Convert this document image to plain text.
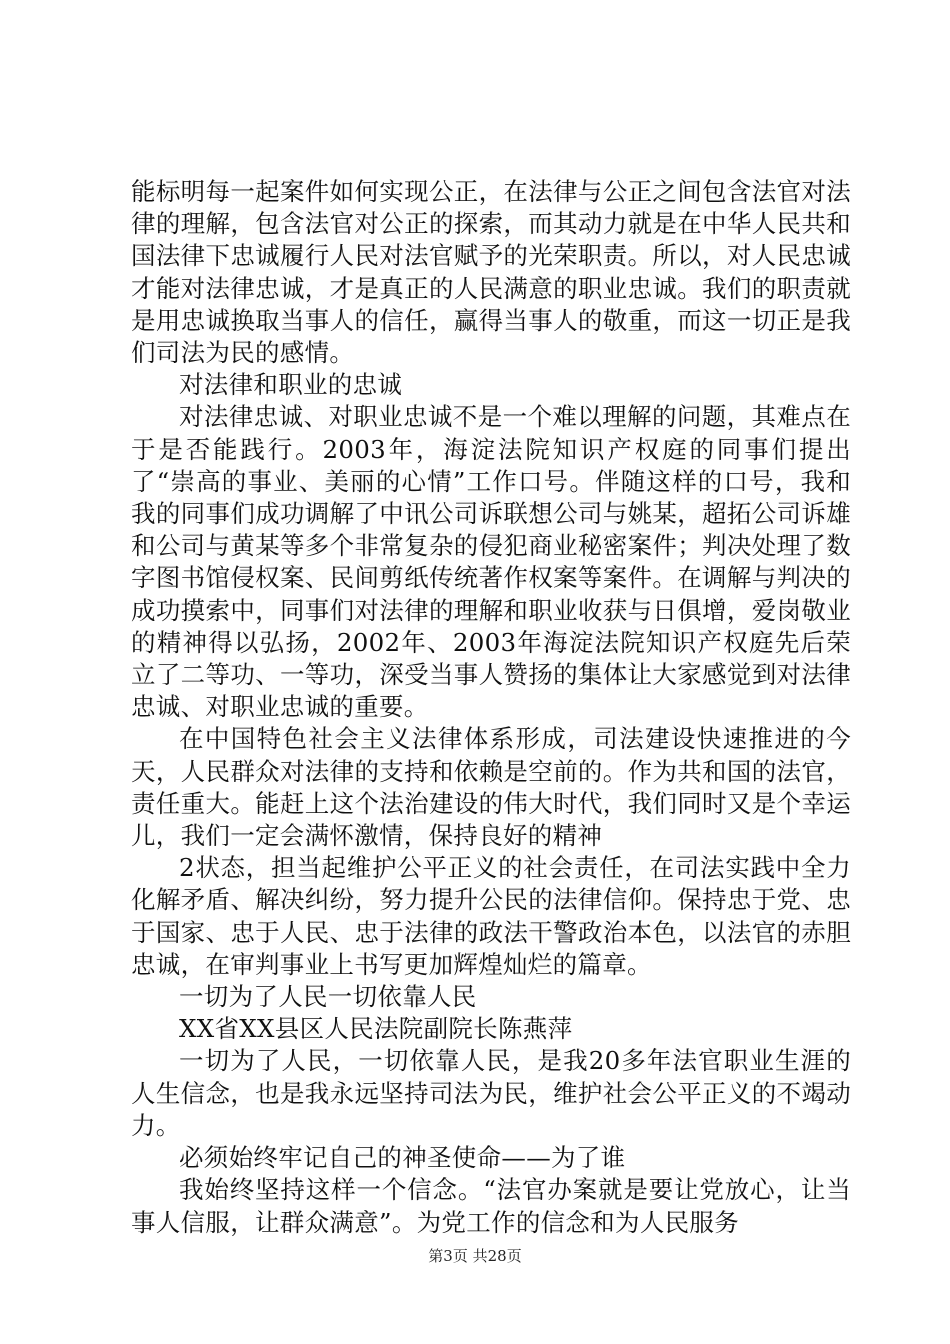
能标明每一起案件如何实现公正，在法律与公正之间包含法官对法律的理解，包含法官对公正的探索，而其动力就是在中华人民共和国法律下忠诚履行人民对法官赋予的光荣职责。所以，对人民忠诚才能对法律忠诚，才是真正的人民满意的职业忠诚。我们的职责就是用忠诚换取当事人的信任，赢得当事人的敬重，而这一切正是我们司法为民的感情。

对法律和职业的忠诚

对法律忠诚、对职业忠诚不是一个难以理解的问题，其难点在于是否能践行。2003年，海淀法院知识产权庭的同事们提出了“崇高的事业、美丽的心情”工作口号。伴随这样的口号，我和我的同事们成功调解了中讯公司诉联想公司与姚某，超拓公司诉雄和公司与黄某等多个非常复杂的侵犯商业秘密案件；判决处理了数字图书馆侵权案、民间剪纸传统著作权案等案件。在调解与判决的成功摸索中，同事们对法律的理解和职业收获与日俱增，爱岗敬业的精神得以弘扬，2002年、2003年海淀法院知识产权庭先后荣立了二等功、一等功，深受当事人赞扬的集体让大家感觉到对法律忠诚、对职业忠诚的重要。

在中国特色社会主义法律体系形成，司法建设快速推进的今天，人民群众对法律的支持和依赖是空前的。作为共和国的法官，责任重大。能赶上这个法治建设的伟大时代，我们同时又是个幸运儿，我们一定会满怀激情，保持良好的精神

2状态，担当起维护公平正义的社会责任，在司法实践中全力化解矛盾、解决纠纷，努力提升公民的法律信仰。保持忠于党、忠于国家、忠于人民、忠于法律的政法干警政治本色，以法官的赤胆忠诚，在审判事业上书写更加辉煌灿烂的篇章。

一切为了人民一切依靠人民

XX省XX县区人民法院副院长陈燕萍

一切为了人民，一切依靠人民，是我20多年法官职业生涯的人生信念，也是我永远坚持司法为民，维护社会公平正义的不竭动力。

必须始终牢记自己的神圣使命——为了谁

我始终坚持这样一个信念。“法官办案就是要让党放心，让当事人信服，让群众满意”。为党工作的信念和为人民服务

第3页 共28页
